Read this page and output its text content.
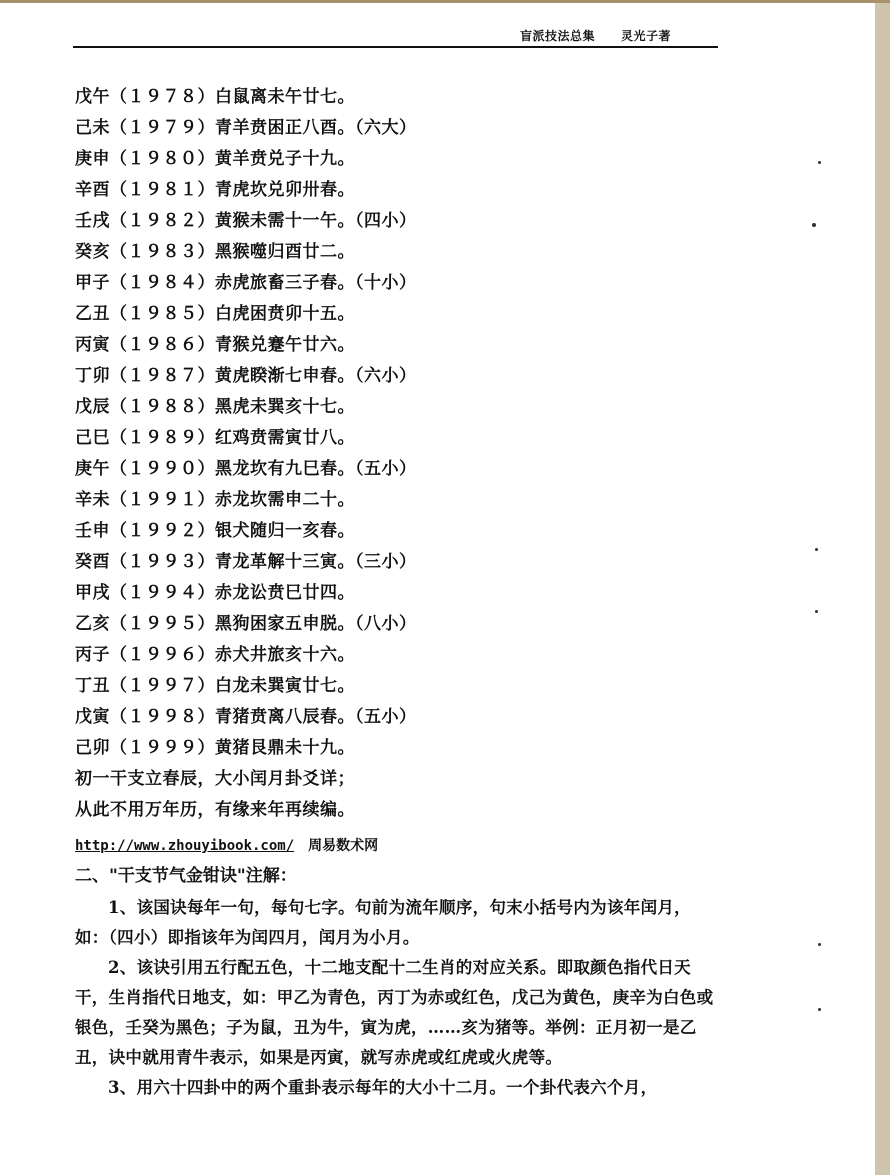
盲派技法总集 灵光子著
戊午（１９７８）白鼠离未午廿七。
己未（１９７９）青羊贲困正八酉。（六大）
庚申（１９８０）黄羊贲兑子十九。
辛酉（１９８１）青虎坎兑卯卅春。
壬戌（１９８２）黄猴未需十一午。（四小）
癸亥（１９８３）黑猴噬归酉廿二。
甲子（１９８４）赤虎旅畜三子春。（十小）
乙丑（１９８５）白虎困贲卯十五。
丙寅（１９８６）青猴兑蹇午廿六。
丁卯（１９８７）黄虎睽渐七申春。（六小）
戊辰（１９８８）黑虎未巽亥十七。
己巳（１９８９）红鸡贲需寅廿八。
庚午（１９９０）黑龙坎有九巳春。（五小）
辛未（１９９１）赤龙坎需申二十。
壬申（１９９２）银犬随归一亥春。
癸酉（１９９３）青龙革解十三寅。（三小）
甲戌（１９９４）赤龙讼贲巳廿四。
乙亥（１９９５）黑狗困家五申脱。（八小）
丙子（１９９６）赤犬井旅亥十六。
丁丑（１９９７）白龙未巽寅廿七。
戊寅（１９９８）青猪贲离八辰春。（五小）
己卯（１９９９）黄猪艮鼎未十九。
初一干支立春辰，大小闰月卦爻详；
从此不用万年历，有缘来年再续编。
http://www.zhouyibook.com/ 周易数术网
二、"干支节气金钳诀"注解：

1、该国诀每年一句，每句七字。句前为流年顺序，句末小括号内为该年闰月，如：（四小）即指该年为闰四月，闰月为小月。

2、该诀引用五行配五色，十二地支配十二生肖的对应关系。即取颜色指代日天干，生肖指代日地支，如：甲乙为青色，丙丁为赤或红色，戊己为黄色，庚辛为白色或银色，壬癸为黑色；子为鼠，丑为牛，寅为虎，……亥为猪等。举例：正月初一是乙丑，诀中就用青牛表示，如果是丙寅，就写赤虎或红虎或火虎等。

3、用六十四卦中的两个重卦表示每年的大小十二月。一个卦代表六个月，
